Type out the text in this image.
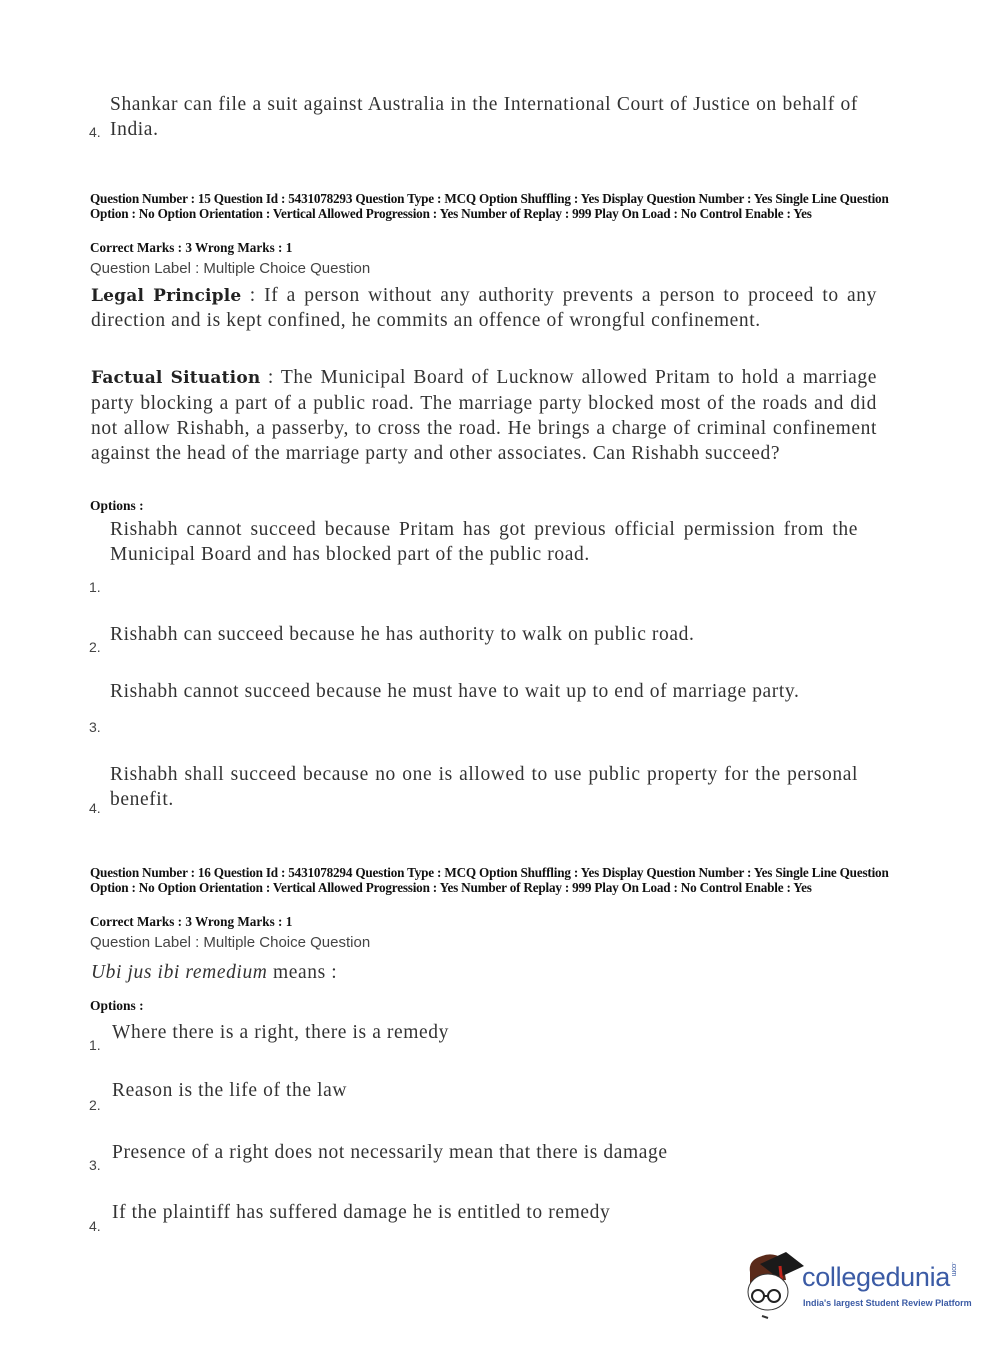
Shankar can file a suit against Australia in the International Court of Justice on behalf of India.
4.
Question Number : 15 Question Id : 5431078293 Question Type : MCQ Option Shuffling : Yes Display Question Number : Yes Single Line Question Option : No Option Orientation : Vertical Allowed Progression : Yes Number of Replay : 999 Play On Load : No Control Enable : Yes
Correct Marks : 3 Wrong Marks : 1
Question Label : Multiple Choice Question
Legal Principle : If a person without any authority prevents a person to proceed to any direction and is kept confined, he commits an offence of wrongful confinement.
Factual Situation : The Municipal Board of Lucknow allowed Pritam to hold a marriage party blocking a part of a public road. The marriage party blocked most of the roads and did not allow Rishabh, a passerby, to cross the road. He brings a charge of criminal confinement against the head of the marriage party and other associates. Can Rishabh succeed?
Options :
Rishabh cannot succeed because Pritam has got previous official permission from the Municipal Board and has blocked part of the public road.
1.
Rishabh can succeed because he has authority to walk on public road.
2.
Rishabh cannot succeed because he must have to wait up to end of marriage party.
3.
Rishabh shall succeed because no one is allowed to use public property for the personal benefit.
4.
Question Number : 16 Question Id : 5431078294 Question Type : MCQ Option Shuffling : Yes Display Question Number : Yes Single Line Question Option : No Option Orientation : Vertical Allowed Progression : Yes Number of Replay : 999 Play On Load : No Control Enable : Yes
Correct Marks : 3 Wrong Marks : 1
Question Label : Multiple Choice Question
Ubi jus ibi remedium means :
Options :
Where there is a right, there is a remedy
1.
Reason is the life of the law
2.
Presence of a right does not necessarily mean that there is damage
3.
If the plaintiff has suffered damage he is entitled to remedy
4.
collegedunia.com
India's largest Student Review Platform
